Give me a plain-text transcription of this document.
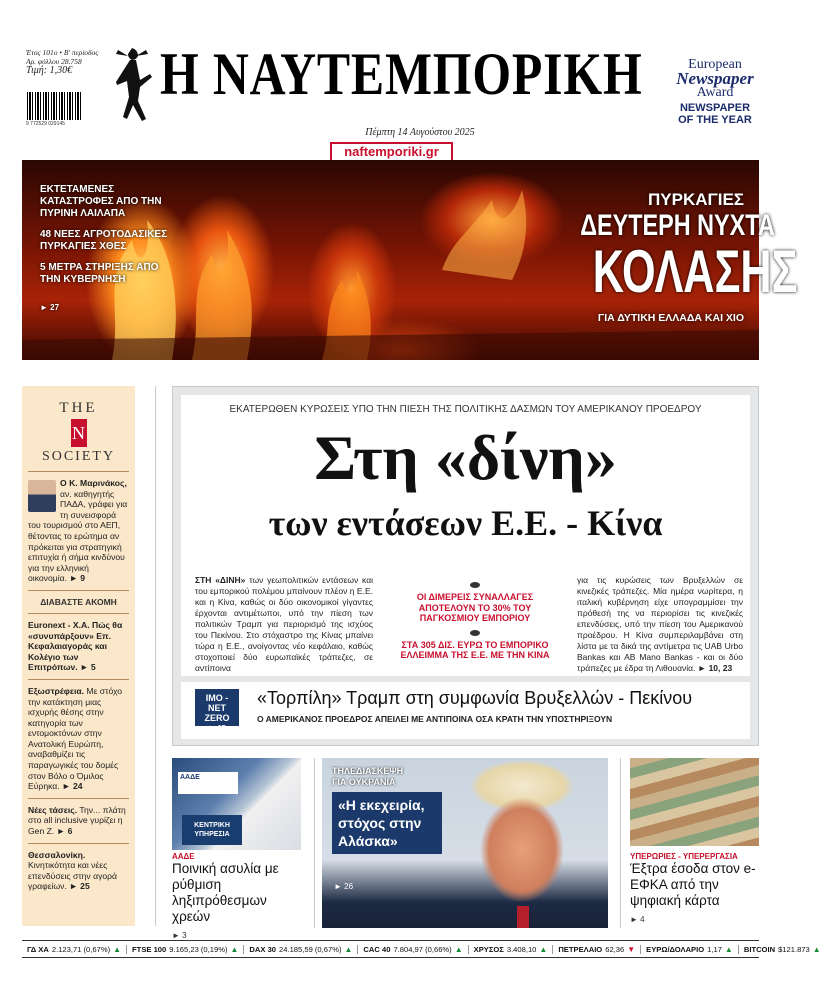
Έτος 101ο • Β' περίοδος
Αρ. φύλλου 28.758
Τιμή: 1,30€
9 772529 029145
Η ΝΑΥΤΕΜΠΟΡΙΚΗ
Πέμπτη 14 Αυγούστου 2025
naftemporiki.gr
European
Newspaper
Award
NEWSPAPER
OF THE YEAR
ΕΚΤΕΤΑΜΕΝΕΣ ΚΑΤΑΣΤΡΟΦΕΣ ΑΠΟ ΤΗΝ ΠΥΡΙΝΗ ΛΑΙΛΑΠΑ
48 ΝΕΕΣ ΑΓΡΟΤΟΔΑΣΙΚΕΣ ΠΥΡΚΑΓΙΕΣ ΧΘΕΣ
5 ΜΕΤΡΑ ΣΤΗΡΙΞΗΣ ΑΠΟ ΤΗΝ ΚΥΒΕΡΝΗΣΗ
► 27
ΠΥΡΚΑΓΙΕΣ
ΔΕΥΤΕΡΗ ΝΥΧΤΑ
ΚΟΛΑΣΗΣ
ΓΙΑ ΔΥΤΙΚΗ ΕΛΛΑΔΑ ΚΑΙ ΧΙΟ
THE
N
SOCIETY
Ο Κ. Μαρινάκος, αν. καθηγητής ΠΑΔΑ, γράφει για τη συνεισφορά του τουρισμού στο ΑΕΠ, θέτοντας το ερώτημα αν πρόκειται για στρατηγική επιτυχία ή σήμα κινδύνου για την ελληνική οικονομία. ► 9
ΔΙΑΒΑΣΤΕ ΑΚΟΜΗ
Euronext - Χ.Α. Πώς θα «συνυπάρξουν» Επ. Κεφαλαιαγοράς και Κολέγιο των Επιτρόπων. ► 5
Εξωστρέφεια. Με στόχο την κατάκτηση μιας ισχυρής θέσης στην κατηγορία των εντομοκτόνων στην Ανατολική Ευρώπη, αναβαθμίζει τις παραγωγικές του δομές στον Βόλο ο Όμιλος Εύρηκα. ► 24
Νέες τάσεις. Την... πλάτη στο all inclusive γυρίζει η Gen Z. ► 6
Θεσσαλονίκη. Κινητικότητα και νέες επενδύσεις στην αγορά γραφείων. ► 25
ΕΚΑΤΕΡΩΘΕΝ ΚΥΡΩΣΕΙΣ ΥΠΟ ΤΗΝ ΠΙΕΣΗ ΤΗΣ ΠΟΛΙΤΙΚΗΣ ΔΑΣΜΩΝ ΤΟΥ ΑΜΕΡΙΚΑΝΟΥ ΠΡΟΕΔΡΟΥ
Στη «δίνη»
των εντάσεων Ε.Ε. - Κίνα
ΣΤΗ «ΔΙΝΗ» των γεωπολιτικών εντάσεων και του εμπορικού πολέμου μπαίνουν πλέον η Ε.Ε. και η Κίνα, καθώς οι δύο οικονομικοί γίγαντες έρχονται αντιμέτωποι, υπό την πίεση των πολιτικών Τραμπ για περιορισμό της ισχύος του Πεκίνου. Στο στόχαστρο της Κίνας μπαίνει τώρα η Ε.Ε., ανοίγοντας νέο κεφάλαιο, καθώς στοχοποιεί δύο ευρωπαϊκές τράπεζες, σε αντίποινα
ΟΙ ΔΙΜΕΡΕΙΣ ΣΥΝΑΛΛΑΓΕΣ ΑΠΟΤΕΛΟΥΝ ΤΟ 30% ΤΟΥ ΠΑΓΚΟΣΜΙΟΥ ΕΜΠΟΡΙΟΥ
ΣΤΑ 305 ΔΙΣ. ΕΥΡΩ ΤΟ ΕΜΠΟΡΙΚΟ ΕΛΛΕΙΜΜΑ ΤΗΣ Ε.Ε. ΜΕ ΤΗΝ ΚΙΝΑ
για τις κυρώσεις των Βρυξελλών σε κινεζικές τράπεζες. Μία ημέρα νωρίτερα, η ιταλική κυβέρνηση είχε υπογραμμίσει την πρόθεσή της να περιορίσει τις κινεζικές επενδύσεις, υπό την πίεση του Αμερικανού προέδρου. Η Κίνα συμπεριλαμβάνει στη λίστα με τα δικά της αντίμετρα τις UAB Urbo Bankas και AB Mano Bankas - και οι δύο τράπεζες με έδρα τη Λιθουανία. ► 10, 23
ΙΜΟ -
NET ZERO
► 15
«Τορπίλη» Τραμπ στη συμφωνία Βρυξελλών - Πεκίνου
Ο ΑΜΕΡΙΚΑΝΟΣ ΠΡΟΕΔΡΟΣ ΑΠΕΙΛΕΙ ΜΕ ΑΝΤΙΠΟΙΝΑ ΟΣΑ ΚΡΑΤΗ ΤΗΝ ΥΠΟΣΤΗΡΙΞΟΥΝ
ΑΑΔΕ
ΚΕΝΤΡΙΚΗ ΥΠΗΡΕΣΙΑ
ΑΑΔΕ
Ποινική ασυλία με ρύθμιση ληξιπρόθεσμων χρεών
► 3
ΤΗΛΕΔΙΑΣΚΕΨΗ
ΓΙΑ ΟΥΚΡΑΝΙΑ
«Η εκεχειρία, στόχος στην Αλάσκα»
► 26
ΥΠΕΡΩΡΙΕΣ - ΥΠΕΡΕΡΓΑΣΙΑ
Έξτρα έσοδα στον e-ΕΦΚΑ από την ψηφιακή κάρτα
► 4
ΓΔ ΧΑ 2.123,71 (0,67%) ▲ FTSE 100 9.165,23 (0,19%) ▲ DAX 30 24.185,59 (0,67%) ▲ CAC 40 7.804,97 (0,66%) ▲ ΧΡΥΣΟΣ 3.408,10 ▲ ΠΕΤΡΕΛΑΙΟ 62,36 ▼ ΕΥΡΩ/ΔΟΛΑΡΙΟ 1,17 ▲ BITCOIN $121.873 ▲
